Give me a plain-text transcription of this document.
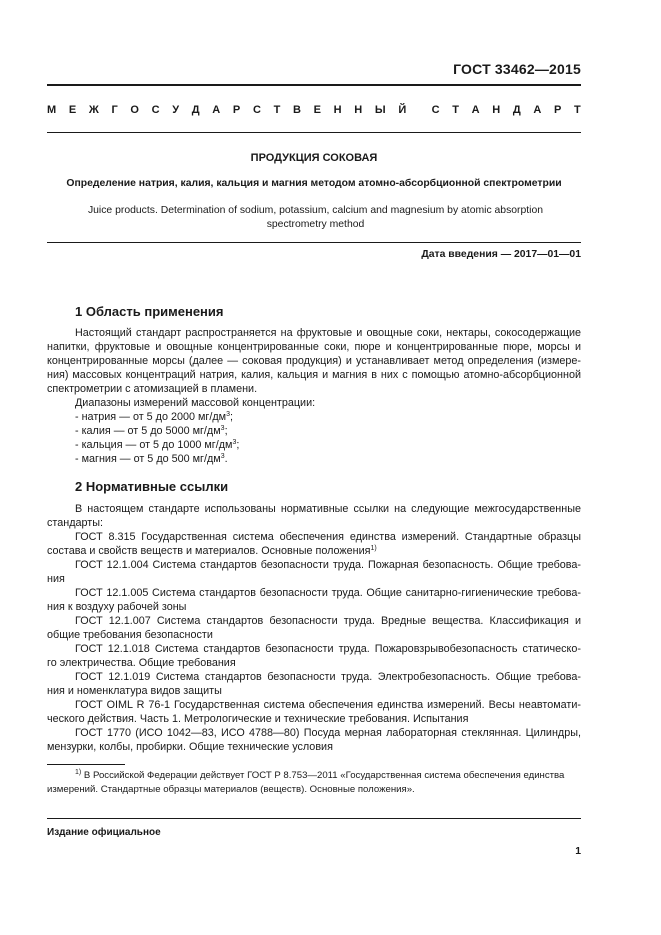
ГОСТ 33462—2015
М Е Ж Г О С У Д А Р С Т В Е Н Н Ы Й С Т А Н Д А Р Т
ПРОДУКЦИЯ СОКОВАЯ
Определение натрия, калия, кальция и магния методом атомно-абсорбционной спектрометрии
Juice products. Determination of sodium, potassium, calcium and magnesium by atomic absorption
spectrometry method
Дата введения — 2017—01—01
1 Область применения

Настоящий стандарт распространяется на фруктовые и овощные соки, нектары, сокосодержащие

напитки, фруктовые и овощные концентрированные соки, пюре и концентрированные пюре, морсы и

концентрированные морсы (далее — соковая продукция) и устанавливает метод определения (измере-

ния) массовых концентраций натрия, калия, кальция и магния в них с помощью атомно-абсорбционной

спектрометрии с атомизацией в пламени.

Диапазоны измерений массовой концентрации:

- натрия — от 5 до 2000 $мг/дм^3$;

- калия — от 5 до 5000 $мг/дм^3$;

- кальция — от 5 до 1000 $мг/дм^3$;

- магния — от 5 до 500 $мг/дм^3$.

2 Нормативные ссылки

В настоящем стандарте использованы нормативные ссылки на следующие межгосударственные

стандарты:

ГОСТ 8.315 Государственная система обеспечения единства измерений. Стандартные образцы

состава и свойств веществ и материалов. Основные положения$^{1)}$

ГОСТ 12.1.004 Система стандартов безопасности труда. Пожарная безопасность. Общие требова-

ния

ГОСТ 12.1.005 Система стандартов безопасности труда. Общие санитарно-гигиенические требова-

ния к воздуху рабочей зоны

ГОСТ 12.1.007 Система стандартов безопасности труда. Вредные вещества. Классификация и

общие требования безопасности

ГОСТ 12.1.018 Система стандартов безопасности труда. Пожаровзрывобезопасность статическо-

го электричества. Общие требования

ГОСТ 12.1.019 Система стандартов безопасности труда. Электробезопасность. Общие требова-

ния и номенклатура видов защиты

ГОСТ OIML R 76-1 Государственная система обеспечения единства измерений. Весы неавтомати-

ческого действия. Часть 1. Метрологические и технические требования. Испытания

ГОСТ 1770 (ИСО 1042—83, ИСО 4788—80) Посуда мерная лабораторная стеклянная. Цилиндры,

мензурки, колбы, пробирки. Общие технические условия

$^{1)}$ В Российской Федерации действует ГОСТ Р 8.753—2011 «Государственная система обеспечения единства

измерений. Стандартные образцы материалов (веществ). Основные положения».

Издание официальное
1
